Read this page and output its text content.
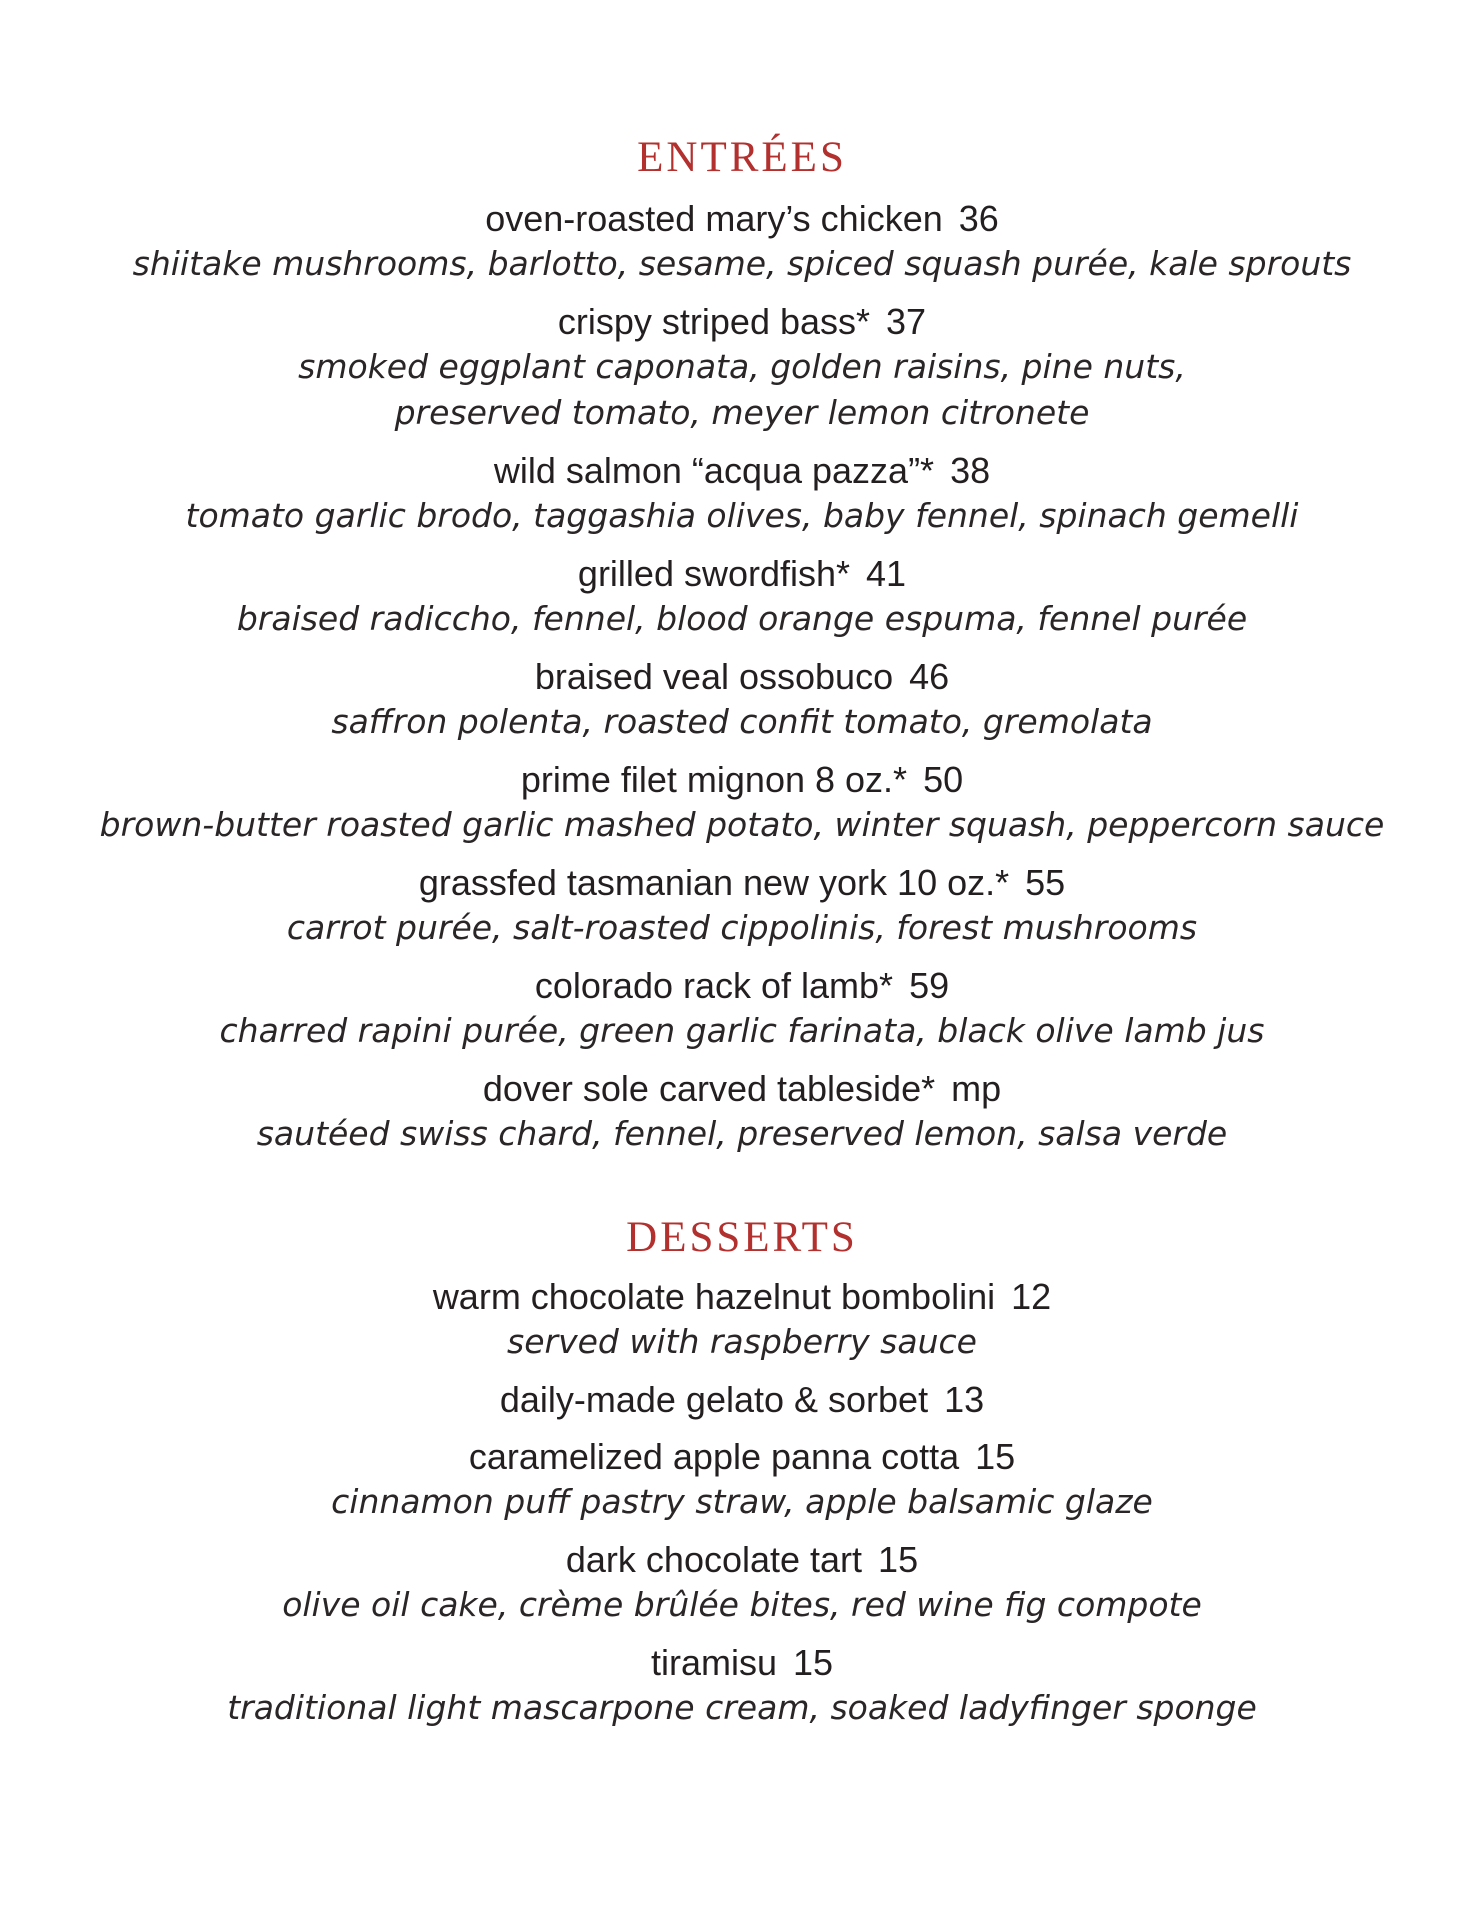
ENTRÉES

oven-roasted mary’s chicken 36

shiitake mushrooms, barlotto, sesame, spiced squash purée, kale sprouts

crispy striped bass* 37

smoked eggplant caponata, golden raisins, pine nuts,

preserved tomato, meyer lemon citronete

wild salmon “acqua pazza”* 38

tomato garlic brodo, taggashia olives, baby fennel, spinach gemelli

grilled swordfish* 41

braised radiccho, fennel, blood orange espuma, fennel purée

braised veal ossobuco 46

saffron polenta, roasted confit tomato, gremolata

prime filet mignon 8 oz.* 50

brown-butter roasted garlic mashed potato, winter squash, peppercorn sauce

grassfed tasmanian new york 10 oz.* 55

carrot purée, salt-roasted cippolinis, forest mushrooms

colorado rack of lamb* 59

charred rapini purée, green garlic farinata, black olive lamb jus

dover sole carved tableside* mp

sautéed swiss chard, fennel, preserved lemon, salsa verde

DESSERTS

warm chocolate hazelnut bombolini 12

served with raspberry sauce

daily-made gelato & sorbet 13

caramelized apple panna cotta 15

cinnamon puff pastry straw, apple balsamic glaze

dark chocolate tart 15

olive oil cake, crème brûlée bites, red wine fig compote

tiramisu 15

traditional light mascarpone cream, soaked ladyfinger sponge
